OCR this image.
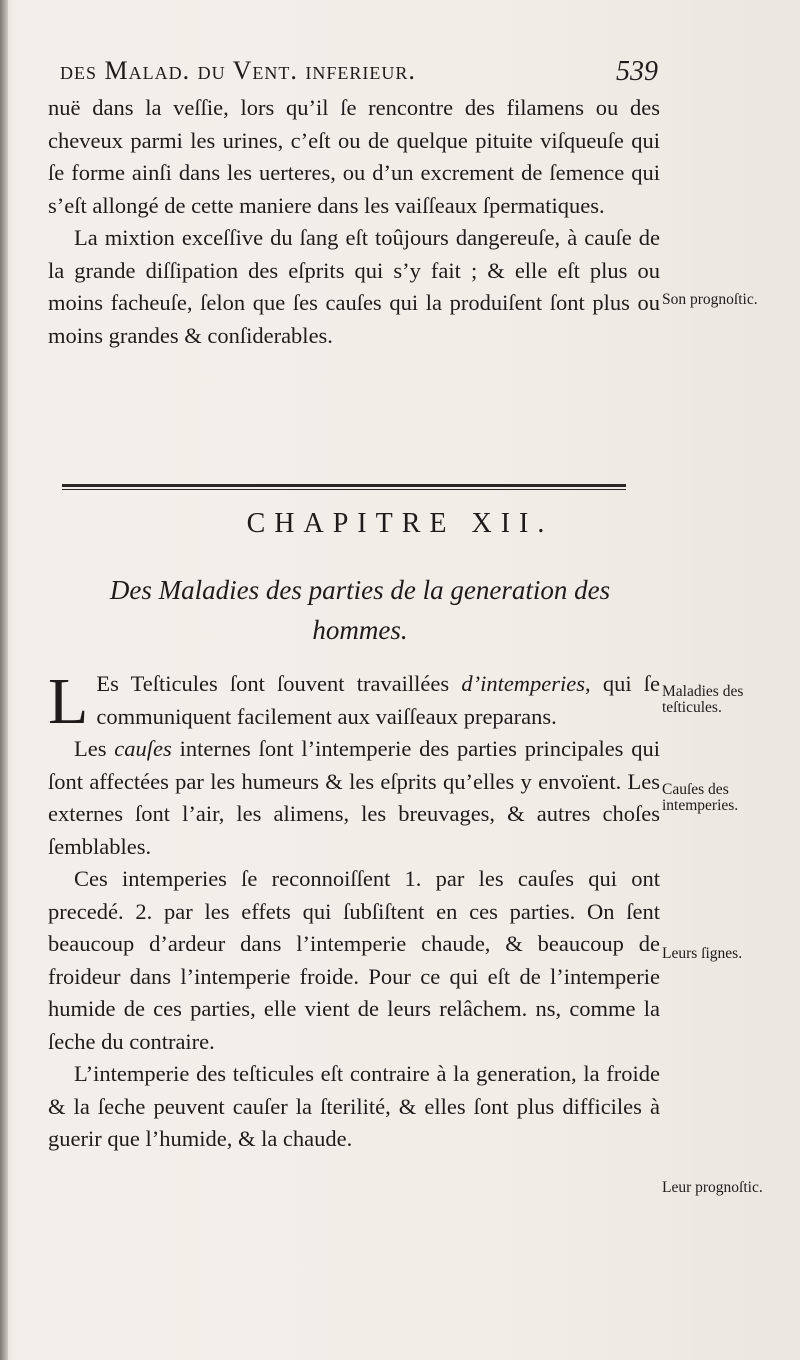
des Malad. du Vent. inferieur.	539

nuë dans la veſſie, lors qu’il ſe rencontre des filamens ou des cheveux parmi les urines, c’eſt ou de quelque pituite viſqueuſe qui ſe forme ainſi dans les uerteres, ou d’un excrement de ſemence qui s’eſt allongé de cette maniere dans les vaiſſeaux ſpermatiques.

La mixtion exceſſive du ſang eſt toûjours dangereuſe, à cauſe de la grande diſſipation des eſprits qui s’y fait ; & elle eſt plus ou moins facheuſe, ſelon que ſes cauſes qui la produiſent ſont plus ou moins grandes & conſiderables.

Son prognoſtic.
CHAPITRE XII.
Des Maladies des parties de la generation des hommes.

L Es Teſticules ſont ſouvent travaillées d’intemperies, qui ſe communiquent facilement aux vaiſſeaux preparans.

Les cauſes internes ſont l’intemperie des parties principales qui ſont affectées par les humeurs & les eſprits qu’elles y envoïent. Les externes ſont l’air, les alimens, les breuvages, & autres choſes ſemblables.

Ces intemperies ſe reconnoiſſent 1. par les cauſes qui ont precedé. 2. par les effets qui ſubſiſtent en ces parties. On ſent beaucoup d’ardeur dans l’intemperie chaude, & beaucoup de froideur dans l’intemperie froide. Pour ce qui eſt de l’intemperie humide de ces parties, elle vient de leurs relâchem. ns, comme la ſeche du contraire.

L’intemperie des teſticules eſt contraire à la generation, la froide & la ſeche peuvent cauſer la ſterilité, & elles ſont plus difficiles à guerir que l’humide, & la chaude.

Maladies des teſticules.
Cauſes des intemperies.
Leurs ſignes.
Leur prognoſtic.
